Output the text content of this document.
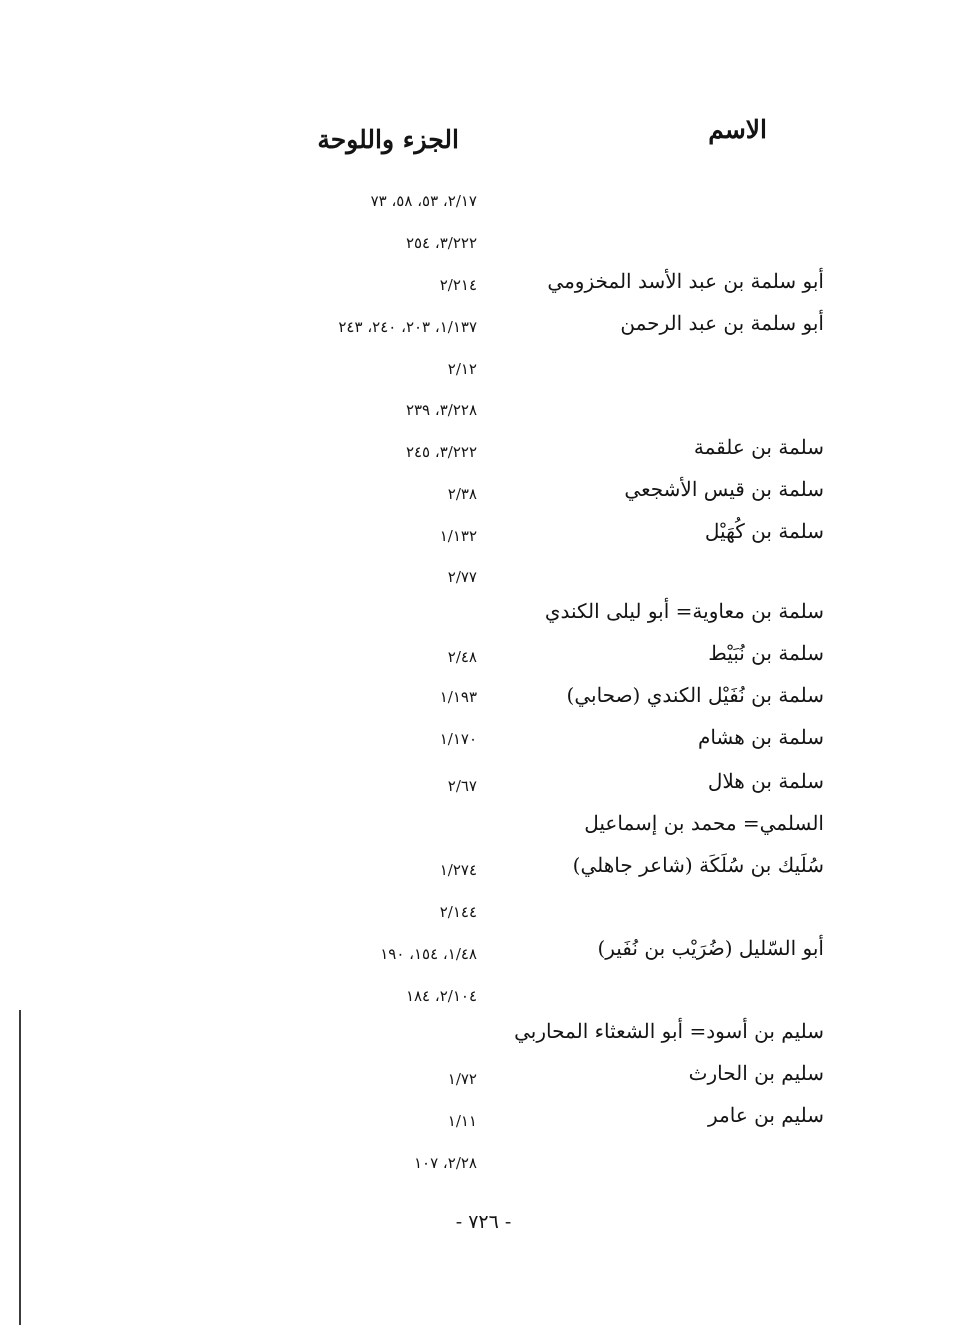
الاسم
الجزء واللوحة
٢/١٧، ٥٣، ٥٨، ٧٣
٣/٢٢٢، ٢٥٤
أبو سلمة بن عبد الأسد المخزومي
٢/٢١٤
أبو سلمة بن عبد الرحمن
١/١٣٧، ٢٠٣، ٢٤٠، ٢٤٣
٢/١٢
٣/٢٢٨، ٢٣٩
سلمة بن علقمة
٣/٢٢٢، ٢٤٥
سلمة بن قيس الأشجعي
٢/٣٨
سلمة بن كُهَيْل
١/١٣٢
٢/٧٧
سلمة بن معاوية= أبو ليلى الكندي
سلمة بن نُبَيْط
٢/٤٨
سلمة بن نُفَيْل الكندي (صحابي)
١/١٩٣
سلمة بن هشام
١/١٧٠
سلمة بن هلال
٢/٦٧
السلمي= محمد بن إسماعيل
سُلَيك بن سُلَكَة (شاعر جاهلي)
١/٢٧٤
٢/١٤٤
أبو السّليل (ضُرَيْب بن نُفَير)
١/٤٨، ١٥٤، ١٩٠
٢/١٠٤، ١٨٤
سليم بن أسود= أبو الشعثاء المحاربي
سليم بن الحارث
١/٧٢
سليم بن عامر
١/١١
٢/٢٨، ١٠٧
- ٧٢٦ -
